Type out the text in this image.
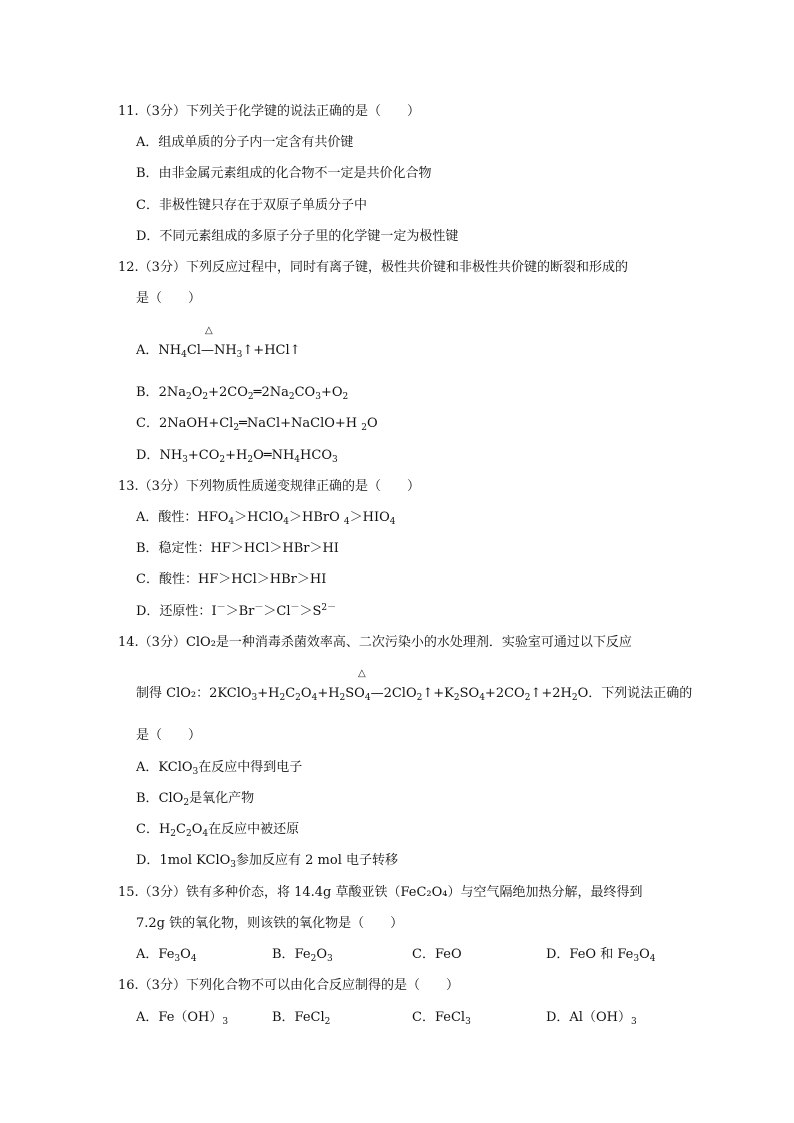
11.（3分）下列关于化学键的说法正确的是（　　）
A．组成单质的分子内一定含有共价键
B．由非金属元素组成的化合物不一定是共价化合物
C．非极性键只存在于双原子单质分子中
D．不同元素组成的多原子分子里的化学键一定为极性键
12.（3分）下列反应过程中，同时有离子键，极性共价键和非极性共价键的断裂和形成的
是（　　）
△
A．$NH_4Cl—NH_3↑+HCl↑$
B．$2Na_2O_2+2CO_2═2Na_2CO_3+O_2$
C．$2NaOH+Cl_2═NaCl+NaClO+H$ $_2$O
D．$NH_3+CO_2+H_2O═NH_4HCO_3$
13.（3分）下列物质性质递变规律正确的是（　　）
A．酸性：$HFO_4>HClO_4>HBrO$ $_4>HIO_4$
B．稳定性：HF＞HCl＞HBr＞HI
C．酸性：HF＞HCl＞HBr＞HI
D．还原性：$I^->Br^->Cl^->S^{2-}$
14.（3分）ClO₂是一种消毒杀菌效率高、二次污染小的水处理剂．实验室可通过以下反应
△
制得 ClO₂：$2KClO_3+H_2C_2O_4+H_2SO_4—2ClO_2↑+K_2SO_4+2CO_2↑+2H_2O$．下列说法正确的
是（　　）
A．KClO$_3$在反应中得到电子
B．ClO$_2$是氧化产物
C．$H_2C_2O_4$在反应中被还原
D．1mol KClO$_3$参加反应有 2 mol 电子转移
15.（3分）铁有多种价态，将 14.4g 草酸亚铁（FeC₂O₄）与空气隔绝加热分解，最终得到
7.2g 铁的氧化物，则该铁的氧化物是（　　）
A．$Fe_3O_4$	B．$Fe_2O_3$	C．FeO	D．FeO 和 $Fe_3O_4$
16.（3分）下列化合物不可以由化合反应制得的是（　　）
A．$Fe(OH)_3$	B．FeCl$_2$	C．FeCl$_3$	D．$Al(OH)_3$
